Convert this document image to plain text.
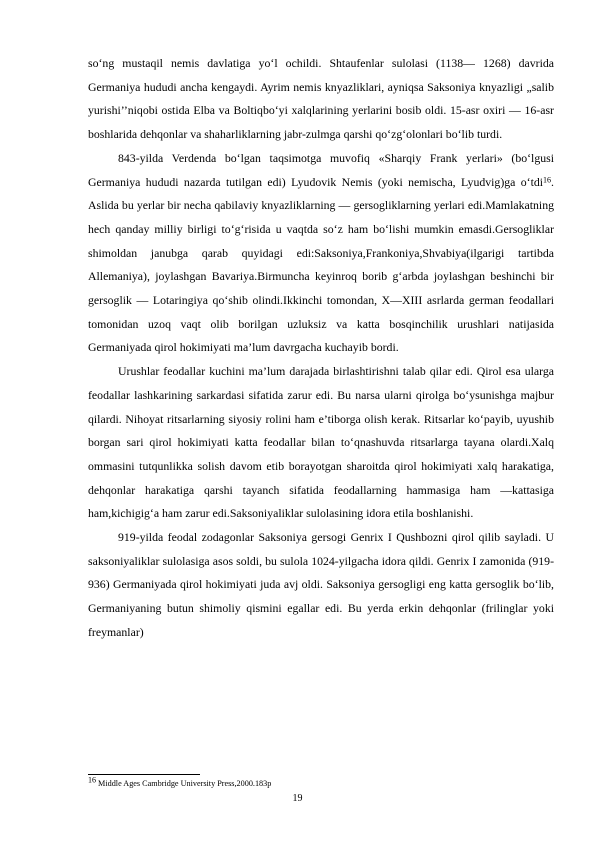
soʻng mustaqil nemis davlatiga yoʻl ochildi. Shtaufenlar sulolasi (1138— 1268) davrida Germaniya hududi ancha kengaydi. Ayrim nemis knyazliklari, ayniqsa Saksoniya knyazligi „salib yurishi’’niqobi ostida Elba va Boltiqboʻyi xalqlarining yerlarini bosib oldi. 15-asr oxiri — 16-asr boshlarida dehqonlar va shaharliklarning jabr-zulmga qarshi qoʻzgʻolonlari boʻlib turdi.

843-yilda Verdenda bo‘lgan taqsimotga muvofiq «Sharqiy Frank yerlari» (bo‘lgusi Germaniya hududi nazarda tutilgan edi) Lyudovik Nemis (yoki nemischa, Lyudvig)ga o‘tdi$^{16}$. Aslida bu yerlar bir necha qabilaviy knyazliklarning — gersogliklarning yerlari edi.Mamlakatning hech qanday milliy birligi to‘g‘risida u vaqtda so‘z ham bo‘lishi mumkin emasdi.Gersogliklar shimoldan janubga qarab quyidagi edi:Saksoniya,Frankoniya,Shvabiya(ilgarigi tartibda Allemaniya), joylashgan Bavariya.Birmuncha keyinroq borib g‘arbda joylashgan beshinchi bir gersoglik — Lotaringiya qo‘shib olindi.Ikkinchi tomondan, X—XIII asrlarda german feodallari tomonidan uzoq vaqt olib borilgan uzluksiz va katta bosqinchilik urushlari natijasida Germaniyada qirol hokimiyati ma’lum davrgacha kuchayib bordi.

Urushlar feodallar kuchini ma’lum darajada birlashtirishni talab qilar edi. Qirol esa ularga feodallar lashkarining sarkardasi sifatida zarur edi. Bu narsa ularni qirolga bo‘ysunishga majbur qilardi. Nihoyat ritsarlarning siyosiy rolini ham e’tiborga olish kerak. Ritsarlar ko‘payib, uyushib borgan sari qirol hokimiyati katta feodallar bilan to‘qnashuvda ritsarlarga tayana olardi.Xalq ommasini tutqunlikka solish davom etib borayotgan sharoitda qirol hokimiyati xalq harakatiga, dehqonlar harakatiga qarshi tayanch sifatida feodallarning hammasiga ham —kattasiga ham,kichigig‘a ham zarur edi.Saksoniyaliklar sulolasining idora etila boshlanishi.

919-yilda feodal zodagonlar Saksoniya gersogi Genrix I Qushbozni qirol qilib sayladi. U saksoniyaliklar sulolasiga asos soldi, bu sulola 1024-yilgacha idora qildi. Genrix I zamonida (919-936) Germaniyada qirol hokimiyati juda avj oldi. Saksoniya gersogligi eng katta gersoglik bo‘lib, Germaniyaning butun shimoliy qismini egallar edi. Bu yerda erkin dehqonlar (frilinglar yoki freymanlar)

$^{16}$ Middle Ages Cambridge University Press,2000.183p
19
